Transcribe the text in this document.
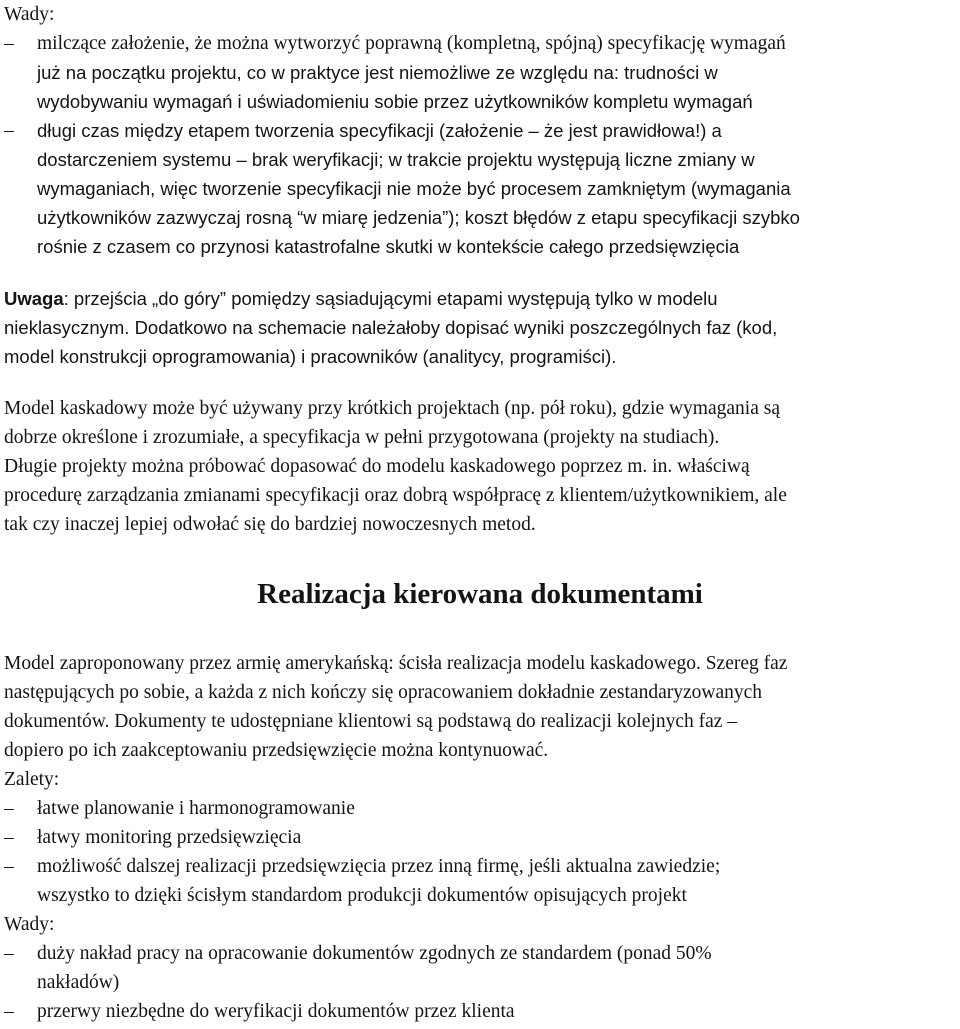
Wady:
– milczące założenie, że można wytworzyć poprawną (kompletną, spójną) specyfikację wymagań
już na początku projektu, co w praktyce jest niemożliwe ze względu na: trudności w
wydobywaniu wymagań i uświadomieniu sobie przez użytkowników kompletu wymagań
– długi czas między etapem tworzenia specyfikacji (założenie – że jest prawidłowa!) a
dostarczeniem systemu – brak weryfikacji; w trakcie projektu występują liczne zmiany w
wymaganiach, więc tworzenie specyfikacji nie może być procesem zamkniętym (wymagania
użytkowników zazwyczaj rosną “w miarę jedzenia”); koszt błędów z etapu specyfikacji szybko
rośnie z czasem co przynosi katastrofalne skutki w kontekście całego przedsięwzięcia
Uwaga: przejścia „do góry” pomiędzy sąsiadującymi etapami występują tylko w modelu
nieklasycznym. Dodatkowo na schemacie należałoby dopisać wyniki poszczególnych faz (kod,
model konstrukcji oprogramowania) i pracowników (analitycy, programiści).
Model kaskadowy może być używany przy krótkich projektach (np. pół roku), gdzie wymagania są
dobrze określone i zrozumiałe, a specyfikacja w pełni przygotowana (projekty na studiach).
Długie projekty można próbować dopasować do modelu kaskadowego poprzez m. in. właściwą
procedurę zarządzania zmianami specyfikacji oraz dobrą współpracę z klientem/użytkownikiem, ale
tak czy inaczej lepiej odwołać się do bardziej nowoczesnych metod.
Realizacja kierowana dokumentami
Model zaproponowany przez armię amerykańską: ścisła realizacja modelu kaskadowego. Szereg faz
następujących po sobie, a każda z nich kończy się opracowaniem dokładnie zestandaryzowanych
dokumentów. Dokumenty te udostępniane klientowi są podstawą do realizacji kolejnych faz –
dopiero po ich zaakceptowaniu przedsięwzięcie można kontynuować.
Zalety:
– łatwe planowanie i harmonogramowanie
– łatwy monitoring przedsięwzięcia
– możliwość dalszej realizacji przedsięwzięcia przez inną firmę, jeśli aktualna zawiedzie;
wszystko to dzięki ścisłym standardom produkcji dokumentów opisujących projekt
Wady:
– duży nakład pracy na opracowanie dokumentów zgodnych ze standardem (ponad 50%
nakładów)
– przerwy niezbędne do weryfikacji dokumentów przez klienta
